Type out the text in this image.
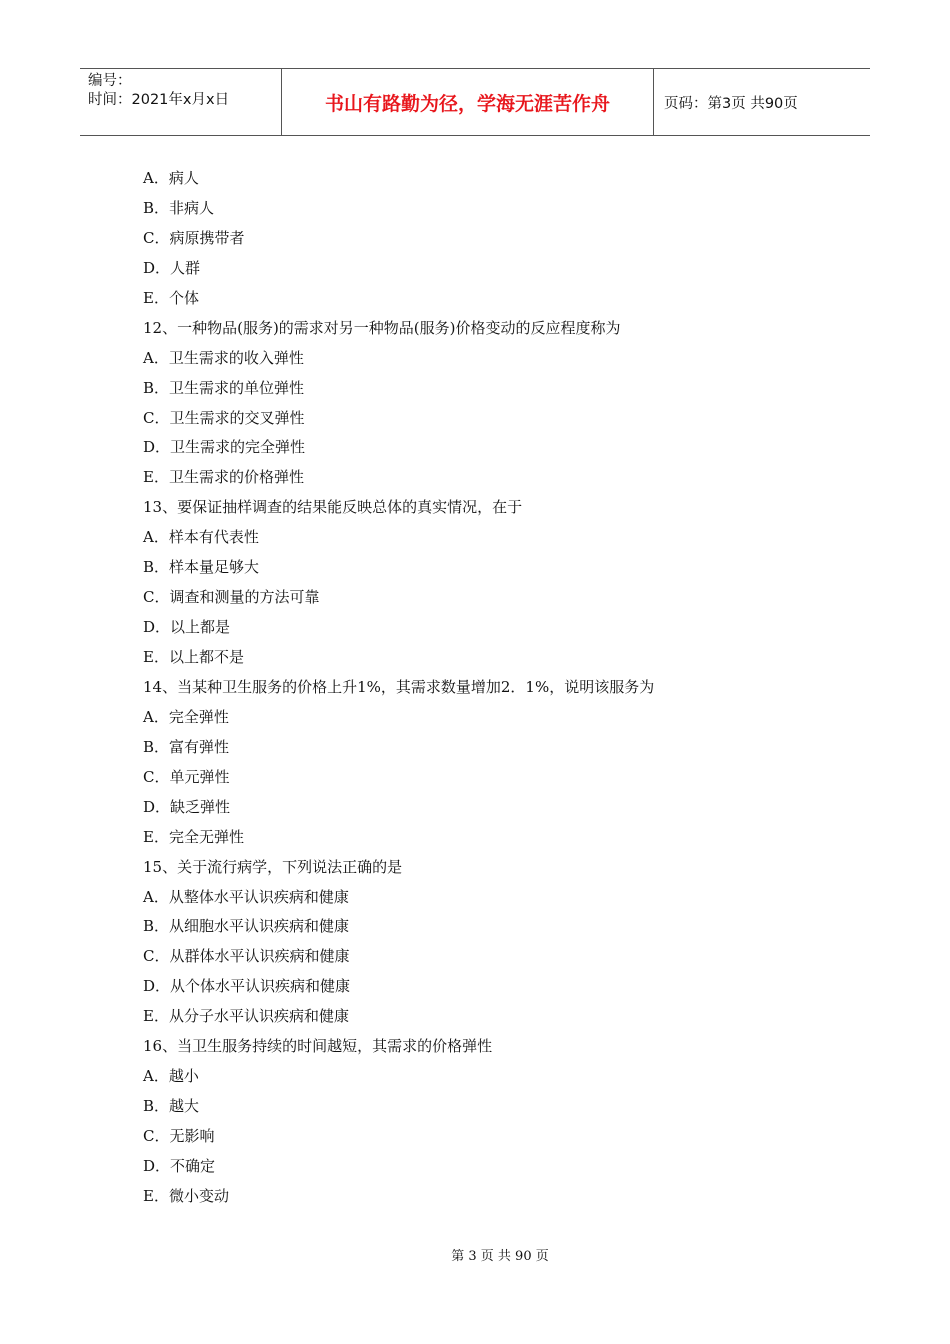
编号：
时间：2021年x月x日	书山有路勤为径，学海无涯苦作舟	页码：第3页 共90页
A．病人
B．非病人
C．病原携带者
D．人群
E．个体
12、一种物品(服务)的需求对另一种物品(服务)价格变动的反应程度称为
A．卫生需求的收入弹性
B．卫生需求的单位弹性
C．卫生需求的交叉弹性
D．卫生需求的完全弹性
E．卫生需求的价格弹性
13、要保证抽样调查的结果能反映总体的真实情况，在于
A．样本有代表性
B．样本量足够大
C．调查和测量的方法可靠
D．以上都是
E．以上都不是
14、当某种卫生服务的价格上升1%，其需求数量增加2．1%，说明该服务为
A．完全弹性
B．富有弹性
C．单元弹性
D．缺乏弹性
E．完全无弹性
15、关于流行病学，下列说法正确的是
A．从整体水平认识疾病和健康
B．从细胞水平认识疾病和健康
C．从群体水平认识疾病和健康
D．从个体水平认识疾病和健康
E．从分子水平认识疾病和健康
16、当卫生服务持续的时间越短，其需求的价格弹性
A．越小
B．越大
C．无影响
D．不确定
E．微小变动
第 3 页 共 90 页
